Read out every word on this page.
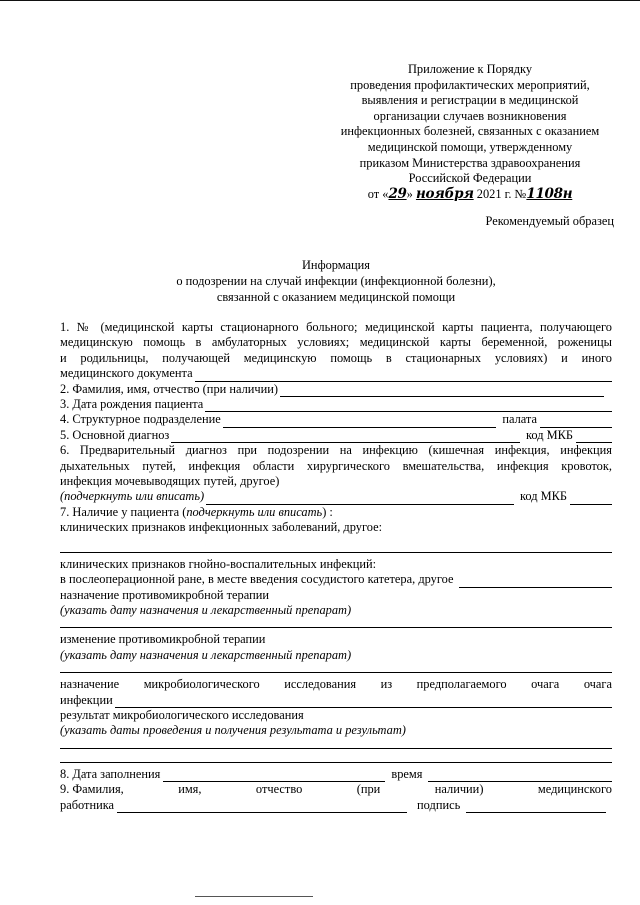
Приложение к Порядку
проведения профилактических мероприятий,
выявления и регистрации в медицинской
организации случаев возникновения
инфекционных болезней, связанных с оказанием
медицинской помощи, утвержденному
приказом Министерства здравоохранения
Российской Федерации
от «29» ноября 2021 г. №1108н
Рекомендуемый образец
Информация
о подозрении на случай инфекции (инфекционной болезни),
связанной с оказанием медицинской помощи
1. № (медицинской карты стационарного больного; медицинской карты пациента, получающего
медицинскую помощь в амбулаторных условиях; медицинской карты беременной, роженицы
и родильницы, получающей медицинскую помощь в стационарных условиях) и иного
медицинского документа
2. Фамилия, имя, отчество (при наличии)
3. Дата рождения пациента
4. Структурное подразделение	палата
5. Основной диагноз	код МКБ
6. Предварительный диагноз при подозрении на инфекцию (кишечная инфекция, инфекция
дыхательных путей, инфекция области хирургического вмешательства, инфекция кровоток,
инфекция мочевыводящих путей, другое)
(подчеркнуть или вписать)	код МКБ
7. Наличие у пациента (подчеркнуть или вписать) :
клинических признаков инфекционных заболеваний, другое:
клинических признаков гнойно-воспалительных инфекций:
в послеоперационной ране, в месте введения сосудистого катетера, другое
назначение противомикробной терапии
(указать дату назначения и лекарственный препарат)
изменение противомикробной терапии
(указать дату назначения и лекарственный препарат)
назначение микробиологического исследования из предполагаемого очага очага
инфекции
результат микробиологического исследования
(указать даты проведения и получения результата и результат)
8. Дата заполнения	время
9. Фамилия,	имя,	отчество	(при	наличии)	медицинского
работника	подпись
